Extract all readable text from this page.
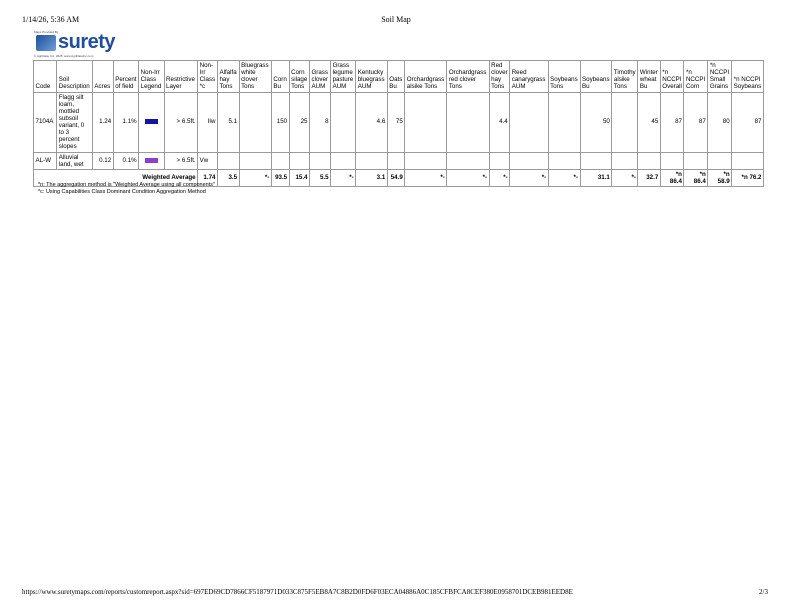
1/14/26, 5:36 AM	Soil Map
Maps Provided By surety
© AgriData, Inc. 2025 www.AgriDataInc.com
Code	Soil Description	Acres	Percent of field	Non-Irr Class Legend	Restrictive Layer	Non-Irr Class *c	Alfalfa hay Tons	Bluegrass white clover Tons	Corn Bu	Corn silage Tons	Grass clover AUM	Grass legume pasture AUM	Kentucky bluegrass AUM	Oats Bu	Orchardgrass alsike Tons	Orchardgrass red clover Tons	Red clover hay Tons	Reed canarygrass AUM	Soybeans Tons	Soybeans Bu	Timothy alsike Tons	Winter wheat Bu	*n NCCPI Overall	*n NCCPI Corn	*n NCCPI Small Grains	*n NCCPI Soybeans
7104A	Flagg silt loam, mottled subsoil variant, 0 to 3 percent slopes	1.24	1.1%		> 6.5ft.	IIw	5.1		150	25	8		4.6	75			4.4			50		45	87	87	80	87
AL-W	Alluvial land, wet	0.12	0.1%		> 6.5ft.	Vw																				
Weighted Average						1.74	3.5	*-	93.5	15.4	5.5	*-	3.1	54.9	*-	*-	*-	*-	*-	31.1	*-	32.7	*n 86.4	*n 86.4	*n 58.9	*n 76.2
*n: The aggregation method is "Weighted Average using all components"
*c: Using Capabilities Class Dominant Condition Aggregation Method
https://www.suretymaps.com/reports/customreport.aspx?sid=697ED69CD7866CF5187971D033C875F5EB8A7C8B2D0FD6F03ECA04886A0C185CFBFCA8CEF380E0958701DCEB981EED8E	2/3
